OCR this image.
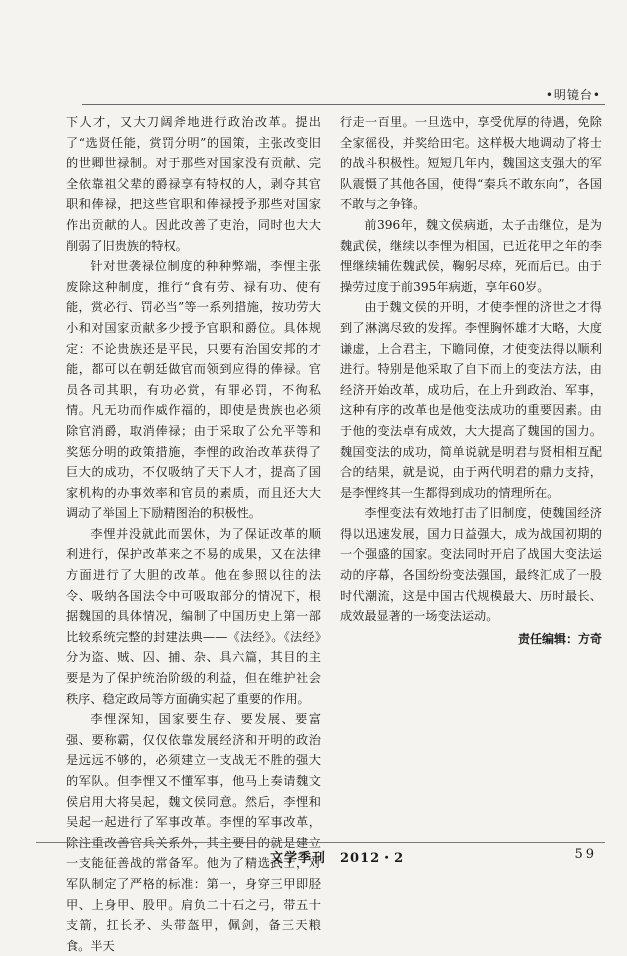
•明镜台•

下人才，又大刀阔斧地进行政治改革。提出了“选贤任能，赏罚分明”的国策，主张改变旧的世卿世禄制。对于那些对国家没有贡献、完全依靠祖父辈的爵禄享有特权的人，剥夺其官职和俸禄，把这些官职和俸禄授予那些对国家作出贡献的人。因此改善了吏治，同时也大大削弱了旧贵族的特权。

针对世袭禄位制度的种种弊端，李悝主张废除这种制度，推行“食有劳、禄有功、使有能，赏必行、罚必当”等一系列措施，按功劳大小和对国家贡献多少授予官职和爵位。具体规定：不论贵族还是平民，只要有治国安邦的才能，都可以在朝廷做官而领到应得的俸禄。官员各司其职，有功必赏，有罪必罚，不徇私情。凡无功而作威作福的，即使是贵族也必须除官消爵，取消俸禄；由于采取了公允平等和奖惩分明的政策措施，李悝的政治改革获得了巨大的成功，不仅吸纳了天下人才，提高了国家机构的办事效率和官员的素质，而且还大大调动了举国上下励精图治的积极性。

李悝并没就此而罢休，为了保证改革的顺利进行，保护改革来之不易的成果，又在法律方面进行了大胆的改革。他在参照以往的法令、吸纳各国法令中可吸取部分的情况下，根据魏国的具体情况，编制了中国历史上第一部比较系统完整的封建法典——《法经》。《法经》分为盗、贼、囚、捕、杂、具六篇，其目的主要是为了保护统治阶级的利益，但在维护社会秩序、稳定政局等方面确实起了重要的作用。

李悝深知，国家要生存、要发展、要富强、要称霸，仅仅依靠发展经济和开明的政治是远远不够的，必须建立一支战无不胜的强大的军队。但李悝又不懂军事，他马上奏请魏文侯启用大将吴起，魏文侯同意。然后，李悝和吴起一起进行了军事改革。李悝的军事改革，除注重改善官兵关系外，其主要目的就是建立一支能征善战的常备军。他为了精选武士，对军队制定了严格的标准：第一，身穿三甲即胫甲、上身甲、股甲。肩负二十石之弓，带五十支箭，扛长矛、头带盔甲，佩剑，备三天粮食。半天

行走一百里。一旦选中，享受优厚的待遇，免除全家徭役，并奖给田宅。这样极大地调动了将士的战斗积极性。短短几年内，魏国这支强大的军队震慑了其他各国，使得“秦兵不敢东向”，各国不敢与之争锋。

前396年，魏文侯病逝，太子击继位，是为魏武侯，继续以李悝为相国，已近花甲之年的李悝继续辅佐魏武侯，鞠躬尽瘁，死而后已。由于操劳过度于前395年病逝，享年60岁。

由于魏文侯的开明，才使李悝的济世之才得到了淋漓尽致的发挥。李悝胸怀雄才大略，大度谦虚，上合君主，下瞻同僚，才使变法得以顺利进行。特别是他采取了自下而上的变法方法，由经济开始改革，成功后，在上升到政治、军事，这种有序的改革也是他变法成功的重要因素。由于他的变法卓有成效，大大提高了魏国的国力。魏国变法的成功，简单说就是明君与贤相相互配合的结果，就是说，由于两代明君的鼎力支持，是李悝终其一生都得到成功的情理所在。

李悝变法有效地打击了旧制度，使魏国经济得以迅速发展，国力日益强大，成为战国初期的一个强盛的国家。变法同时开启了战国大变法运动的序幕，各国纷纷变法强国，最终汇成了一股时代潮流，这是中国古代规模最大、历时最长、成效最显著的一场变法运动。

责任编辑：方奇
文学季刊　2012・2	59
